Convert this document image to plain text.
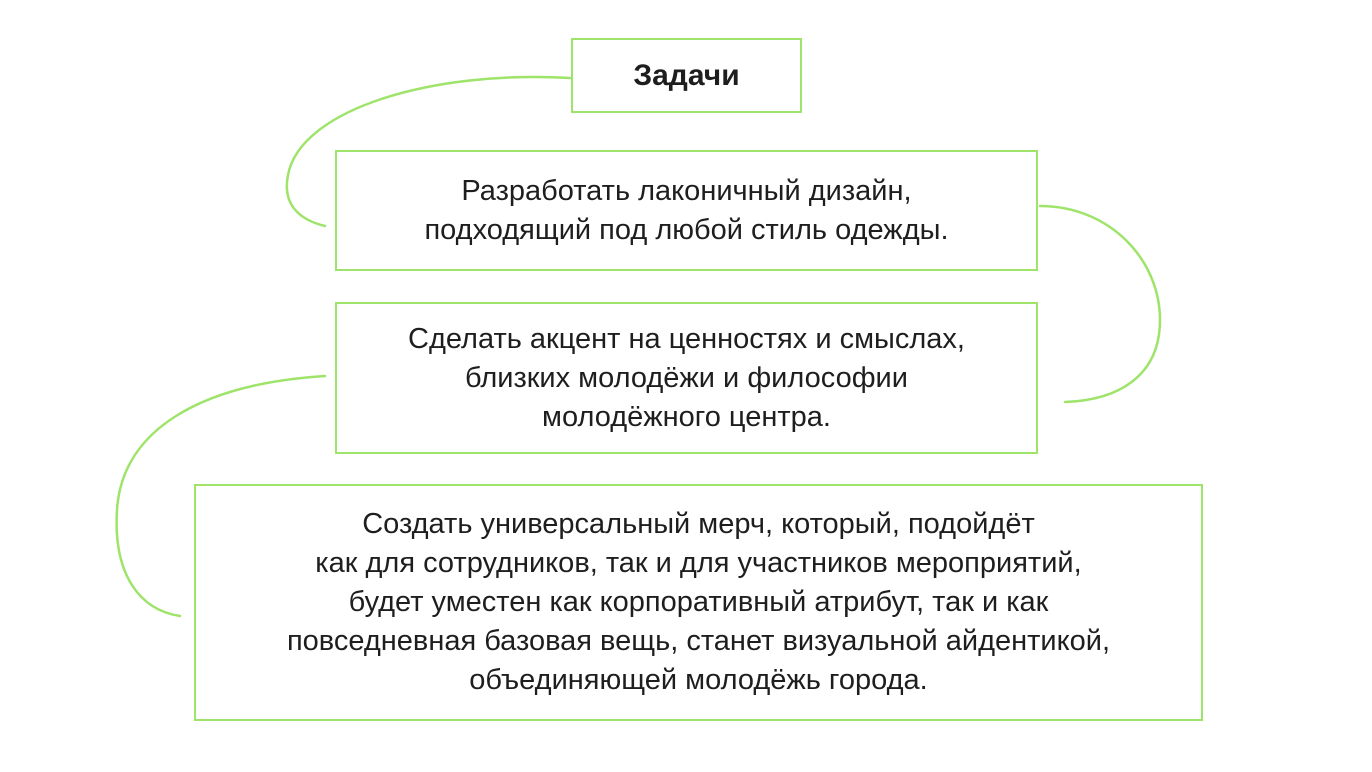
Задачи
Разработать лаконичный дизайн,
подходящий под любой стиль одежды.
Сделать акцент на ценностях и смыслах,
близких молодёжи и философии
молодёжного центра.
Создать универсальный мерч, который, подойдёт
как для сотрудников, так и для участников мероприятий,
будет уместен как корпоративный атрибут, так и как
повседневная базовая вещь, станет визуальной айдентикой,
объединяющей молодёжь города.
